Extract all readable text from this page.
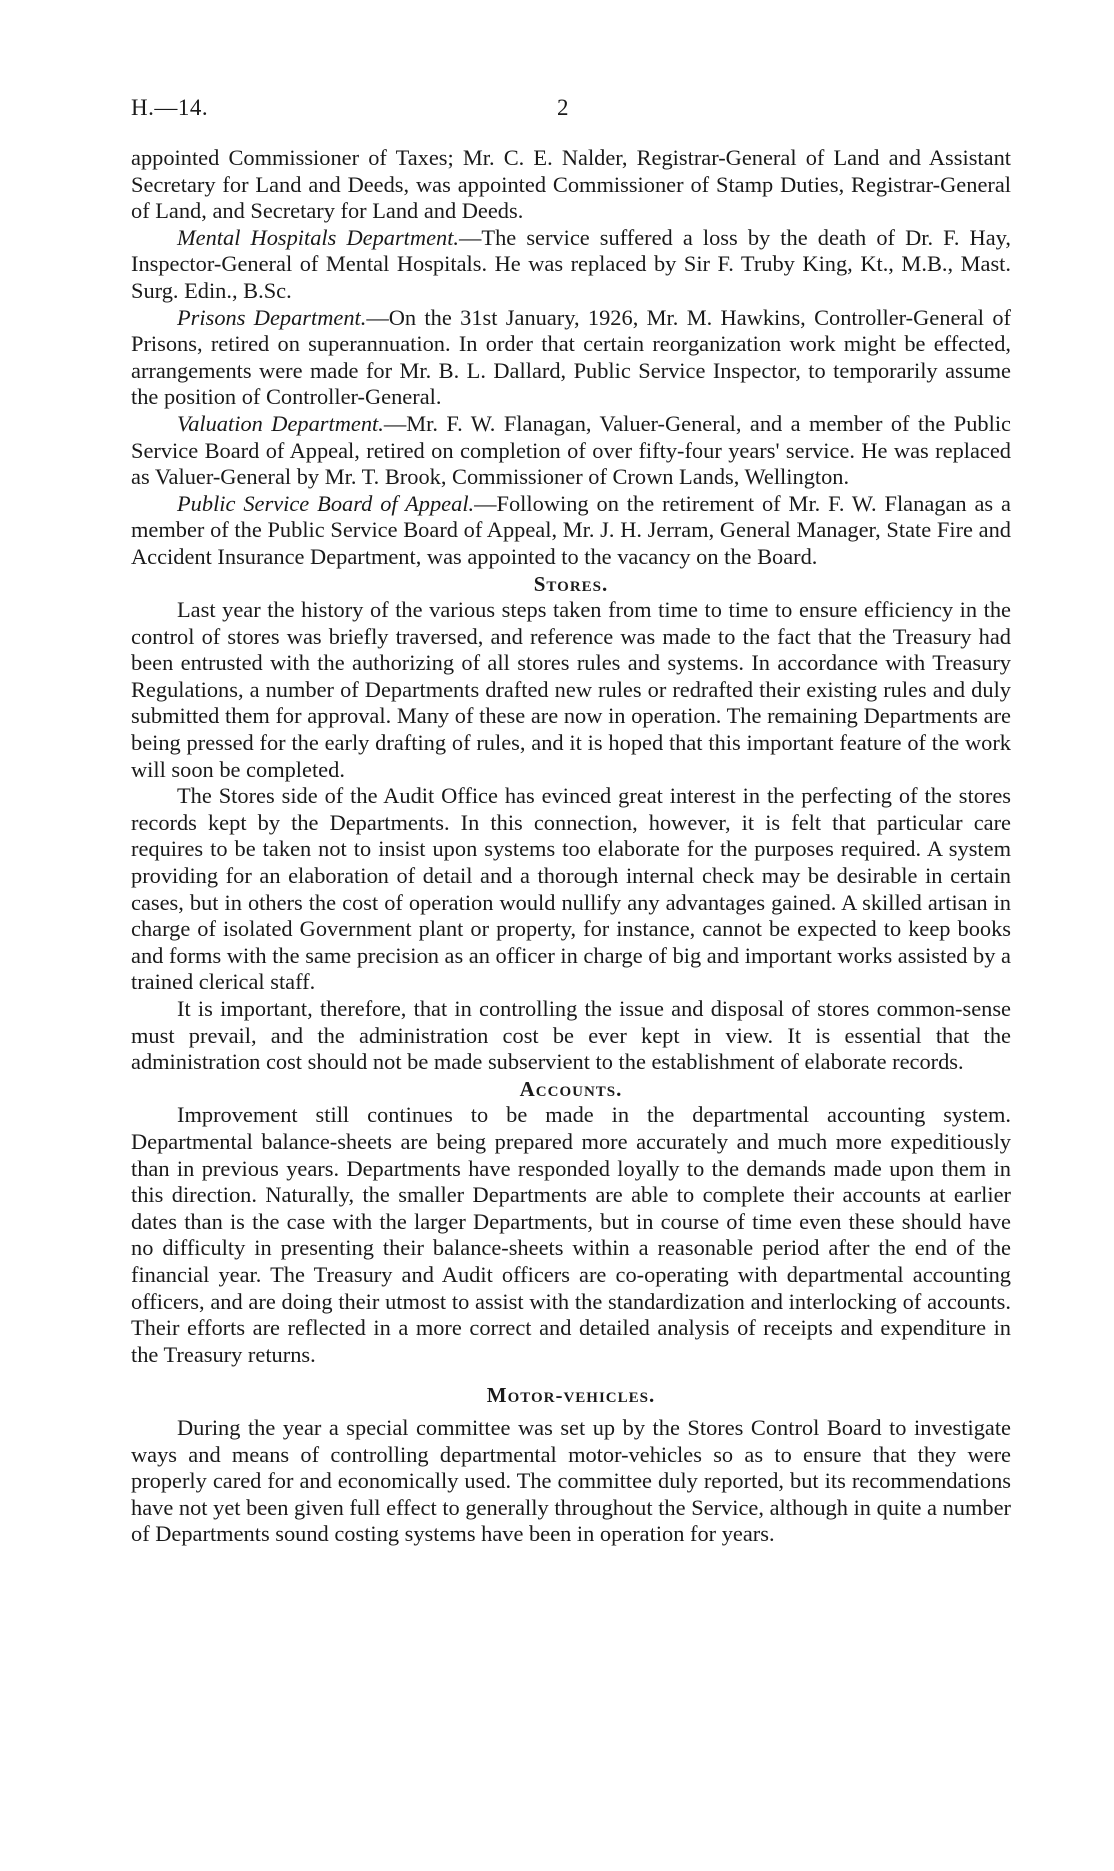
H.—14.	2

appointed Commissioner of Taxes; Mr. C. E. Nalder, Registrar-General of Land and Assistant Secretary for Land and Deeds, was appointed Commissioner of Stamp Duties, Registrar-General of Land, and Secretary for Land and Deeds.

Mental Hospitals Department.—The service suffered a loss by the death of Dr. F. Hay, Inspector-General of Mental Hospitals. He was replaced by Sir F. Truby King, Kt., M.B., Mast. Surg. Edin., B.Sc.

Prisons Department.—On the 31st January, 1926, Mr. M. Hawkins, Controller-General of Prisons, retired on superannuation. In order that certain reorganization work might be effected, arrangements were made for Mr. B. L. Dallard, Public Service Inspector, to temporarily assume the position of Controller-General.

Valuation Department.—Mr. F. W. Flanagan, Valuer-General, and a member of the Public Service Board of Appeal, retired on completion of over fifty-four years' service. He was replaced as Valuer-General by Mr. T. Brook, Commissioner of Crown Lands, Wellington.

Public Service Board of Appeal.—Following on the retirement of Mr. F. W. Flanagan as a member of the Public Service Board of Appeal, Mr. J. H. Jerram, General Manager, State Fire and Accident Insurance Department, was appointed to the vacancy on the Board.

Stores.

Last year the history of the various steps taken from time to time to ensure efficiency in the control of stores was briefly traversed, and reference was made to the fact that the Treasury had been entrusted with the authorizing of all stores rules and systems. In accordance with Treasury Regulations, a number of Departments drafted new rules or redrafted their existing rules and duly submitted them for approval. Many of these are now in operation. The remaining Departments are being pressed for the early drafting of rules, and it is hoped that this important feature of the work will soon be completed.

The Stores side of the Audit Office has evinced great interest in the perfecting of the stores records kept by the Departments. In this connection, however, it is felt that particular care requires to be taken not to insist upon systems too elaborate for the purposes required. A system providing for an elaboration of detail and a thorough internal check may be desirable in certain cases, but in others the cost of operation would nullify any advantages gained. A skilled artisan in charge of isolated Government plant or property, for instance, cannot be expected to keep books and forms with the same precision as an officer in charge of big and important works assisted by a trained clerical staff.

It is important, therefore, that in controlling the issue and disposal of stores common-sense must prevail, and the administration cost be ever kept in view. It is essential that the administration cost should not be made subservient to the establishment of elaborate records.

Accounts.

Improvement still continues to be made in the departmental accounting system. Departmental balance-sheets are being prepared more accurately and much more expeditiously than in previous years. Departments have responded loyally to the demands made upon them in this direction. Naturally, the smaller Departments are able to complete their accounts at earlier dates than is the case with the larger Departments, but in course of time even these should have no difficulty in presenting their balance-sheets within a reasonable period after the end of the financial year. The Treasury and Audit officers are co-operating with departmental accounting officers, and are doing their utmost to assist with the standardization and interlocking of accounts. Their efforts are reflected in a more correct and detailed analysis of receipts and expenditure in the Treasury returns.

Motor-vehicles.

During the year a special committee was set up by the Stores Control Board to investigate ways and means of controlling departmental motor-vehicles so as to ensure that they were properly cared for and economically used. The committee duly reported, but its recommendations have not yet been given full effect to generally throughout the Service, although in quite a number of Departments sound costing systems have been in operation for years.
